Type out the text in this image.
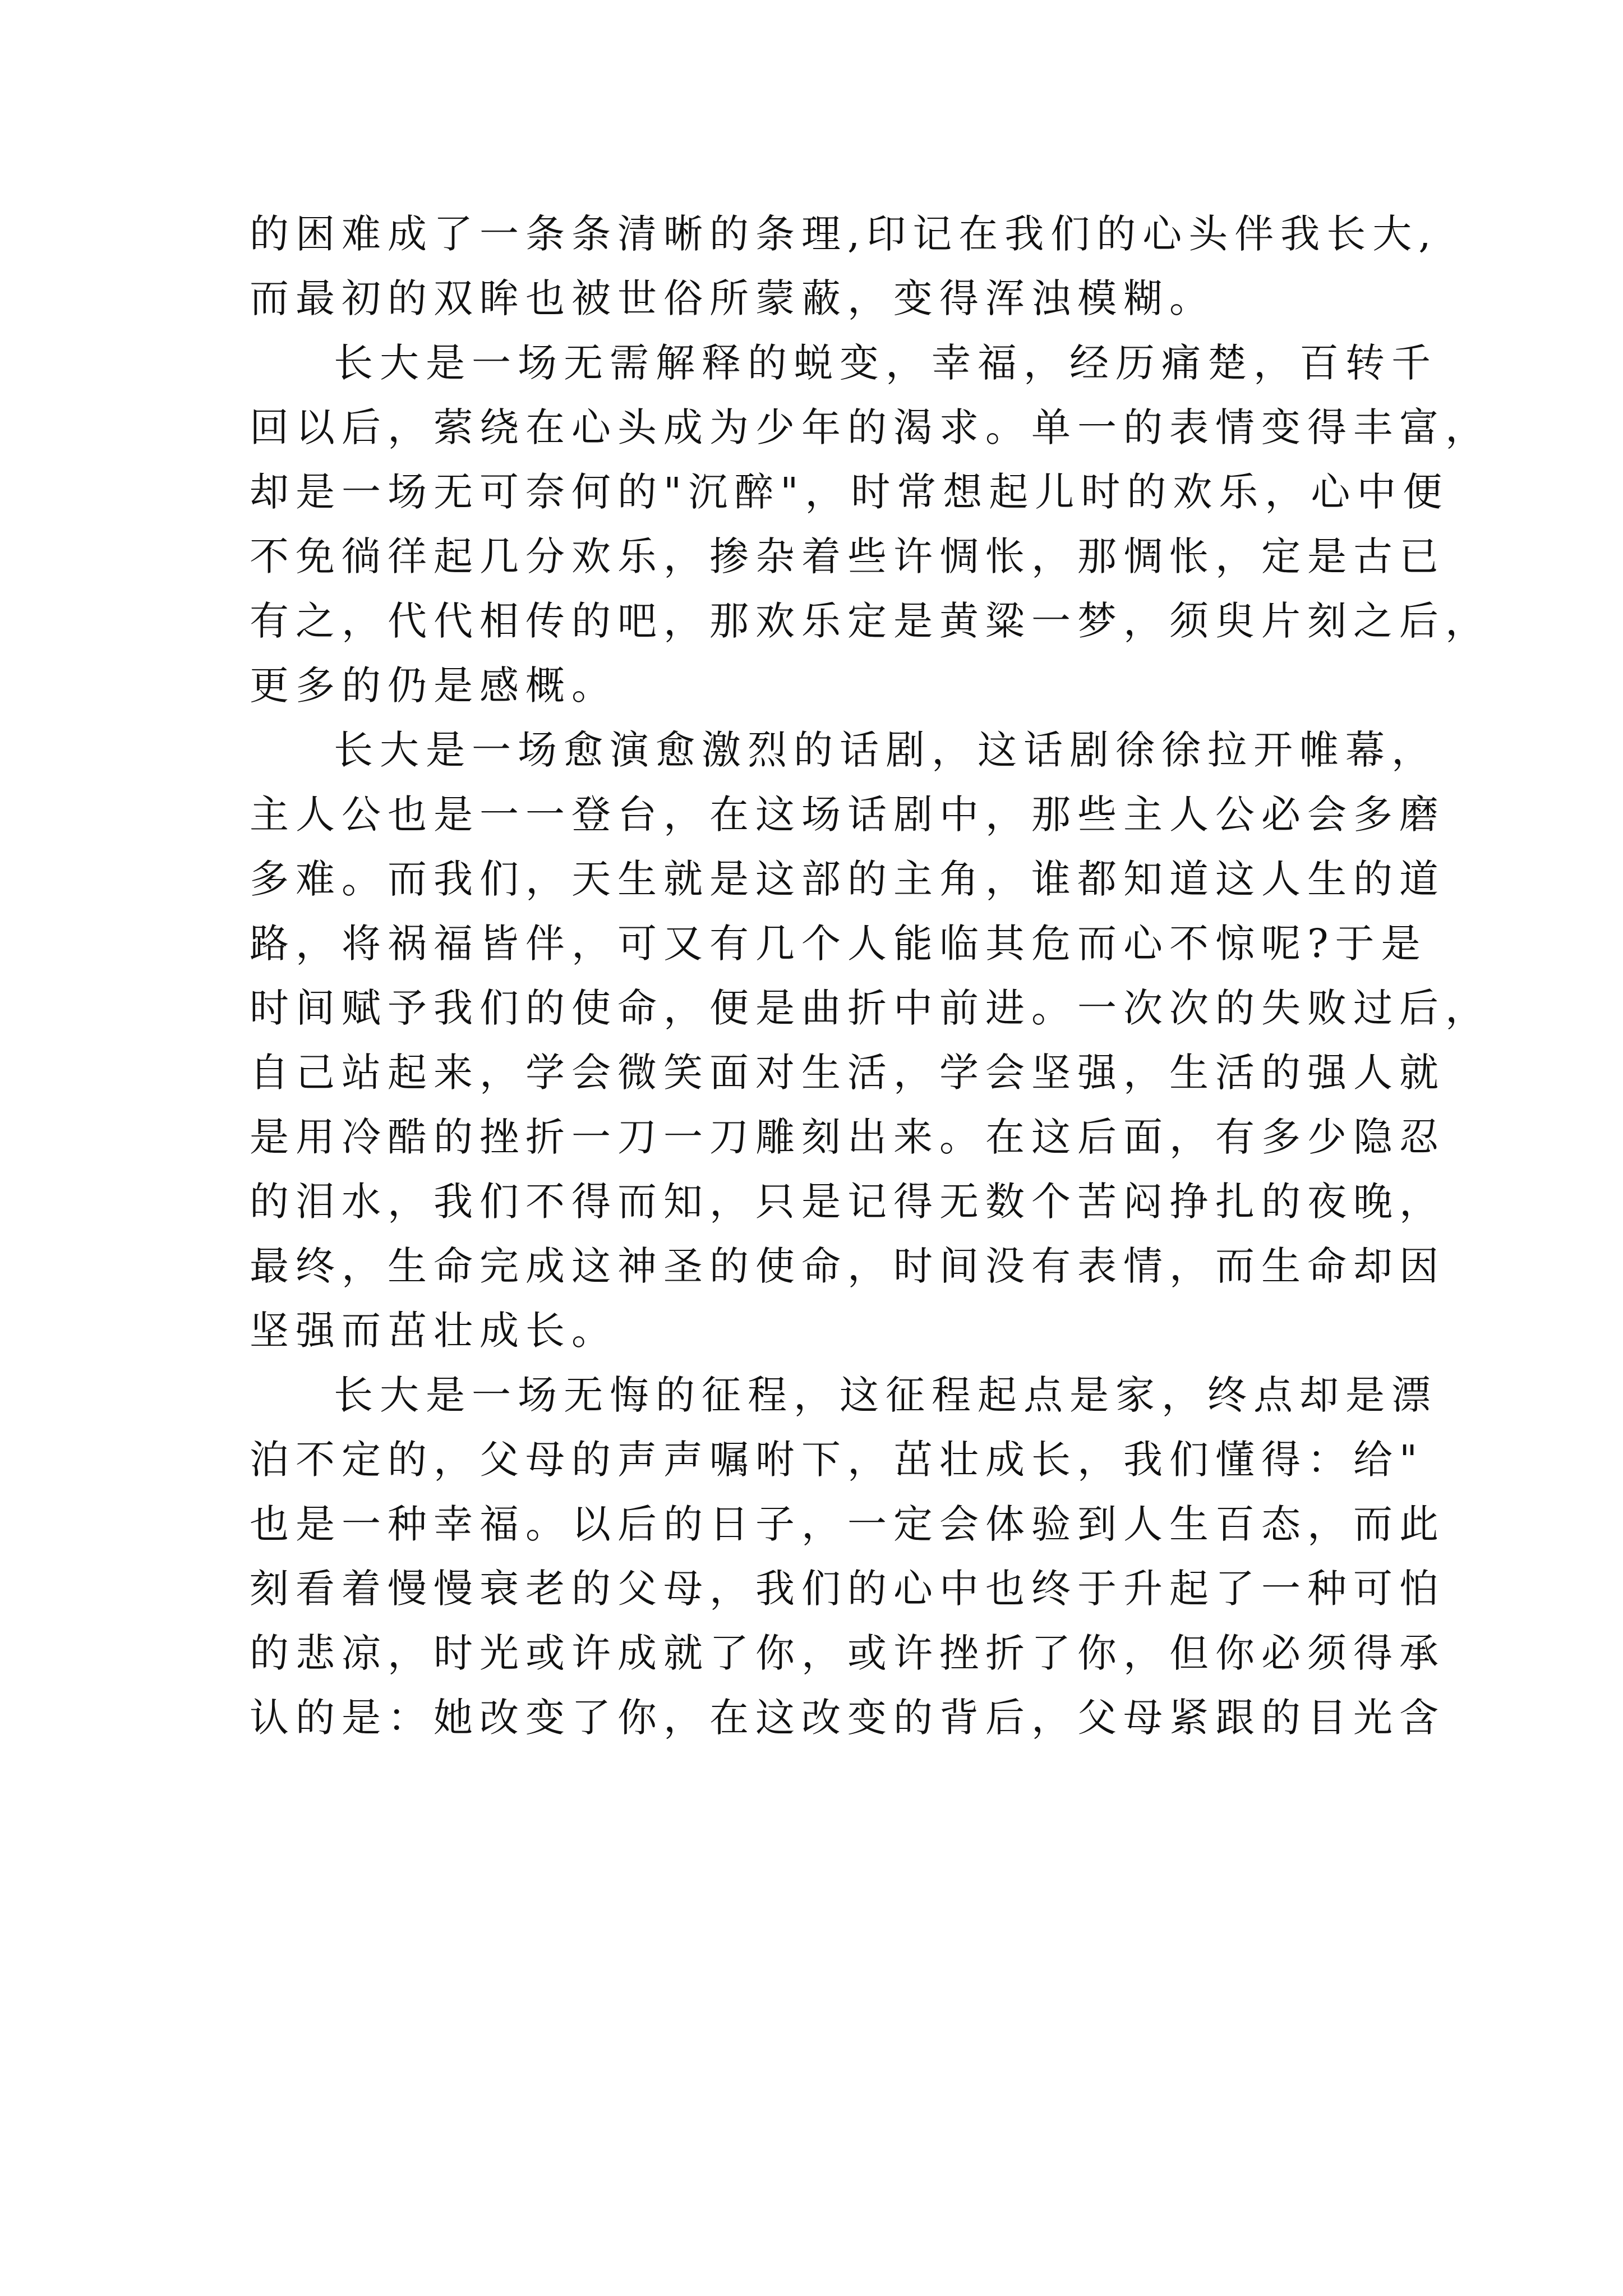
的困难成了一条条清晰的条理,印记在我们的心头伴我长大,
而最初的双眸也被世俗所蒙蔽，变得浑浊模糊。
长大是一场无需解释的蜕变，幸福，经历痛楚，百转千
回以后，萦绕在心头成为少年的渴求。单一的表情变得丰富，
却是一场无可奈何的"沉醉"，时常想起儿时的欢乐，心中便
不免徜徉起几分欢乐，掺杂着些许惆怅，那惆怅，定是古已
有之，代代相传的吧，那欢乐定是黄粱一梦，须臾片刻之后，
更多的仍是感概。
长大是一场愈演愈激烈的话剧，这话剧徐徐拉开帷幕，
主人公也是一一登台，在这场话剧中，那些主人公必会多磨
多难。而我们，天生就是这部的主角，谁都知道这人生的道
路，将祸福皆伴，可又有几个人能临其危而心不惊呢?于是
时间赋予我们的使命，便是曲折中前进。一次次的失败过后，
自己站起来，学会微笑面对生活，学会坚强，生活的强人就
是用冷酷的挫折一刀一刀雕刻出来。在这后面，有多少隐忍
的泪水，我们不得而知，只是记得无数个苦闷挣扎的夜晚，
最终，生命完成这神圣的使命，时间没有表情，而生命却因
坚强而茁壮成长。
长大是一场无悔的征程，这征程起点是家，终点却是漂
泊不定的，父母的声声嘱咐下，茁壮成长，我们懂得：给"
也是一种幸福。以后的日子，一定会体验到人生百态，而此
刻看着慢慢衰老的父母，我们的心中也终于升起了一种可怕
的悲凉，时光或许成就了你，或许挫折了你，但你必须得承
认的是：她改变了你，在这改变的背后，父母紧跟的目光含
